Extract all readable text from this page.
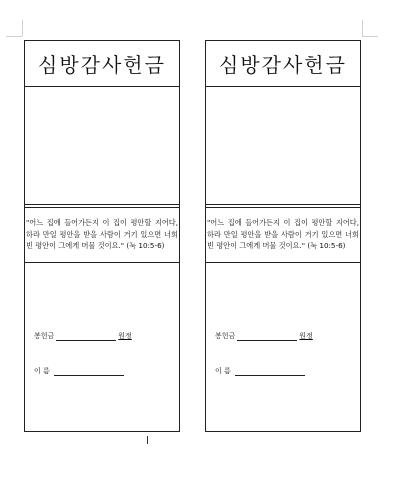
심방감사헌금
"어느 집에 들어가든지 이 집이 평안할 지어다, 하라 만일 평안을 받을 사람이 거기 있으면 너희 빈 평안이 그에게 머물 것이요." (눅 10:5-6)
봉헌금	원정
이 름
심방감사헌금
"어느 집에 들어가든지 이 집이 평안할 지어다, 하라 만일 평안을 받을 사람이 거기 있으면 너희 빈 평안이 그에게 머물 것이요." (눅 10:5-6)
봉헌금	원정
이 름
